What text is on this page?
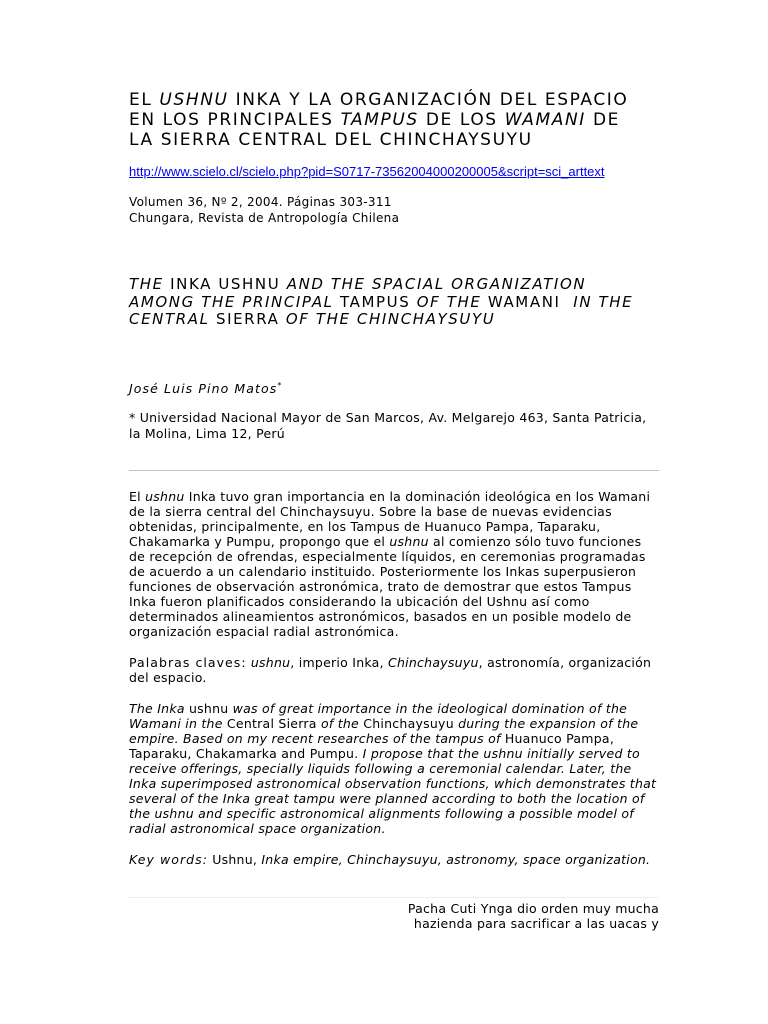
EL USHNU INKA Y LA ORGANIZACIÓN DEL ESPACIO
EN LOS PRINCIPALES TAMPUS DE LOS WAMANI DE
LA SIERRA CENTRAL DEL CHINCHAYSUYU
http://www.scielo.cl/scielo.php?pid=S0717-73562004000200005&script=sci_arttext
Volumen 36, Nº 2, 2004. Páginas 303-311
Chungara, Revista de Antropología Chilena
THE INKA USHNU AND THE SPACIAL ORGANIZATION
AMONG THE PRINCIPAL TAMPUS OF THE WAMANI  IN THE
CENTRAL SIERRA OF THE CHINCHAYSUYU
José Luis Pino Matos*
* Universidad Nacional Mayor de San Marcos, Av. Melgarejo 463, Santa Patricia,
la Molina, Lima 12, Perú
El ushnu Inka tuvo gran importancia en la dominación ideológica en los Wamani
de la sierra central del Chinchaysuyu. Sobre la base de nuevas evidencias
obtenidas, principalmente, en los Tampus de Huanuco Pampa, Taparaku,
Chakamarka y Pumpu, propongo que el ushnu al comienzo sólo tuvo funciones
de recepción de ofrendas, especialmente líquidos, en ceremonias programadas
de acuerdo a un calendario instituido. Posteriormente los Inkas superpusieron
funciones de observación astronómica, trato de demostrar que estos Tampus
Inka fueron planificados considerando la ubicación del Ushnu así como
determinados alineamientos astronómicos, basados en un posible modelo de
organización espacial radial astronómica.
Palabras claves: ushnu, imperio Inka, Chinchaysuyu, astronomía, organización
del espacio.
The Inka ushnu was of great importance in the ideological domination of the
Wamani in the Central Sierra of the Chinchaysuyu during the expansion of the
empire. Based on my recent researches of the tampus of Huanuco Pampa,
Taparaku, Chakamarka and Pumpu. I propose that the ushnu initially served to
receive offerings, specially liquids following a ceremonial calendar. Later, the
Inka superimposed astronomical observation functions, which demonstrates that
several of the Inka great tampu were planned according to both the location of
the ushnu and specific astronomical alignments following a possible model of
radial astronomical space organization.
Key words: Ushnu, Inka empire, Chinchaysuyu, astronomy, space organization.
Pacha Cuti Ynga dio orden muy mucha
hazienda para sacrificar a las uacas y
